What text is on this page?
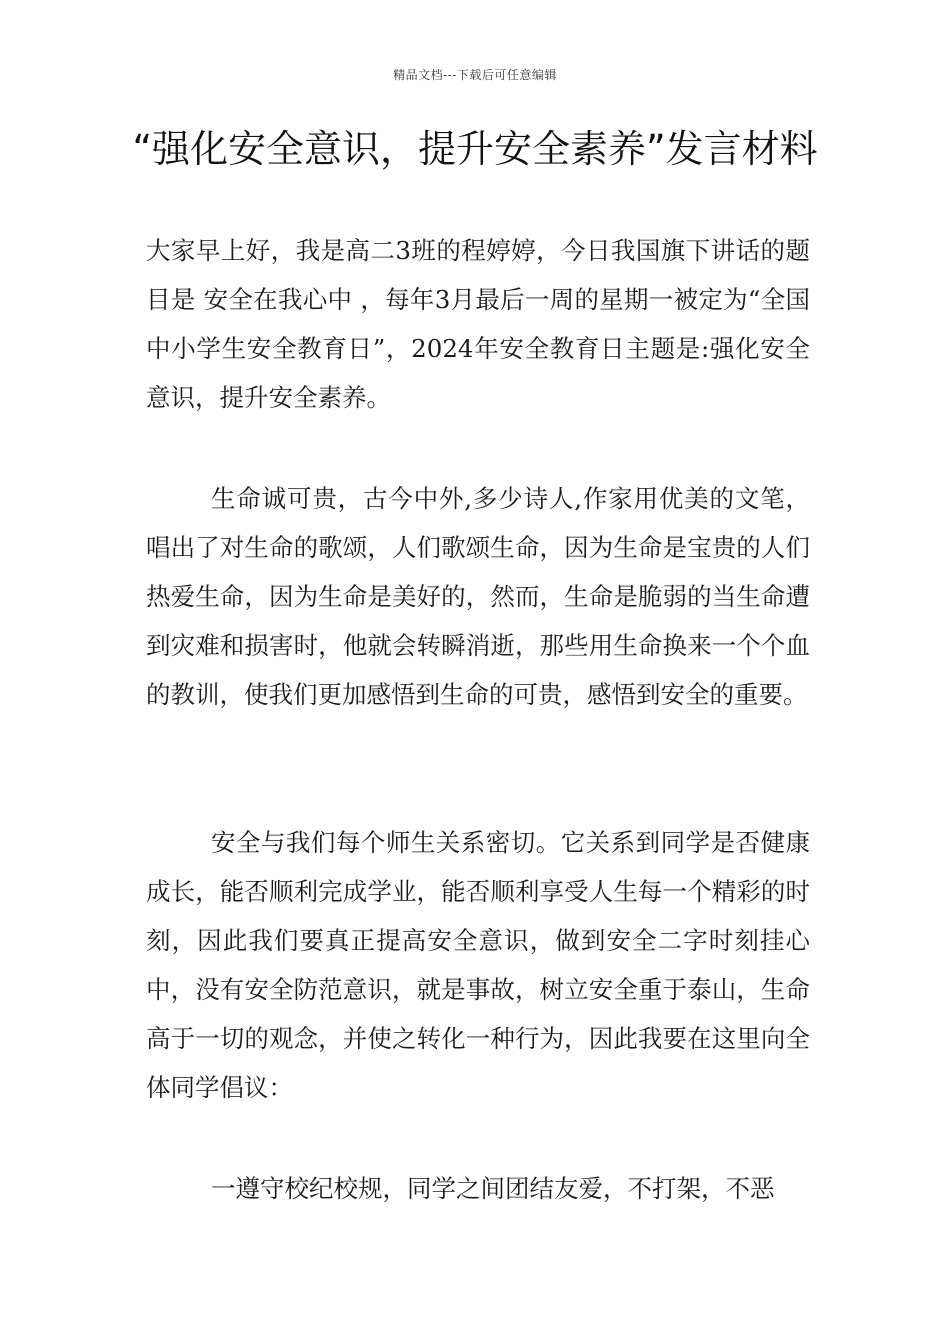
精品文档---下载后可任意编辑
“强化安全意识，提升安全素养”发言材料

大家早上好，我是高二3班的程婷婷，今日我国旗下讲话的题目是 安全在我心中 ，每年3月最后一周的星期一被定为“全国中小学生安全教育日”，2024年安全教育日主题是:强化安全意识，提升安全素养。

生命诚可贵，古今中外,多少诗人,作家用优美的文笔，唱出了对生命的歌颂，人们歌颂生命，因为生命是宝贵的人们热爱生命，因为生命是美好的，然而，生命是脆弱的当生命遭到灾难和损害时，他就会转瞬消逝，那些用生命换来一个个血的教训，使我们更加感悟到生命的可贵，感悟到安全的重要。

安全与我们每个师生关系密切。它关系到同学是否健康成长，能否顺利完成学业，能否顺利享受人生每一个精彩的时刻，因此我们要真正提高安全意识，做到安全二字时刻挂心中，没有安全防范意识，就是事故，树立安全重于泰山，生命高于一切的观念，并使之转化一种行为，因此我要在这里向全体同学倡议：

一遵守校纪校规，同学之间团结友爱，不打架，不恶
